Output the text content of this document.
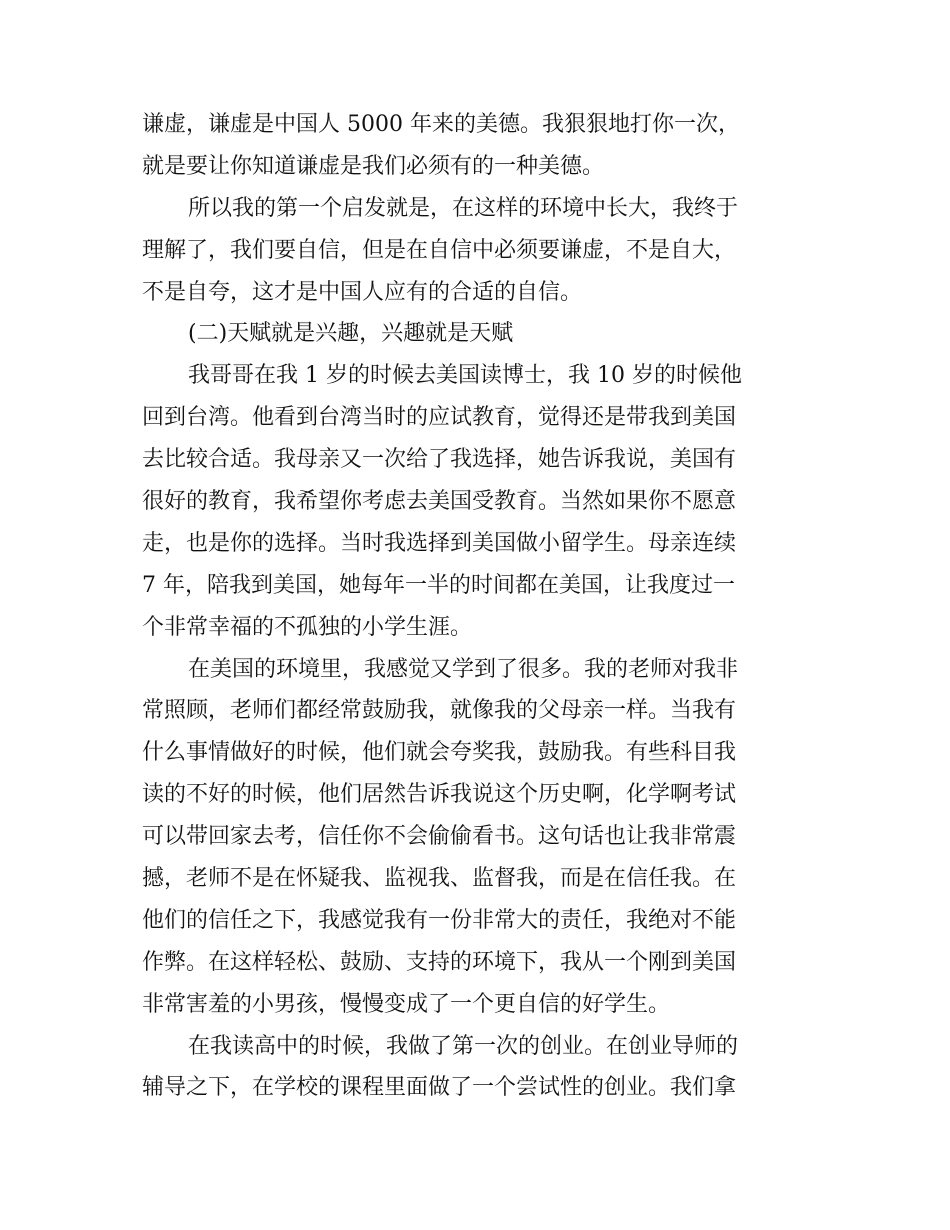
谦虚，谦虚是中国人 5000 年来的美德。我狠狠地打你一次，
就是要让你知道谦虚是我们必须有的一种美德。
所以我的第一个启发就是，在这样的环境中长大，我终于
理解了，我们要自信，但是在自信中必须要谦虚，不是自大，
不是自夸，这才是中国人应有的合适的自信。
(二)天赋就是兴趣，兴趣就是天赋
我哥哥在我 1 岁的时候去美国读博士，我 10 岁的时候他
回到台湾。他看到台湾当时的应试教育，觉得还是带我到美国
去比较合适。我母亲又一次给了我选择，她告诉我说，美国有
很好的教育，我希望你考虑去美国受教育。当然如果你不愿意
走，也是你的选择。当时我选择到美国做小留学生。母亲连续
7 年，陪我到美国，她每年一半的时间都在美国，让我度过一
个非常幸福的不孤独的小学生涯。
在美国的环境里，我感觉又学到了很多。我的老师对我非
常照顾，老师们都经常鼓励我，就像我的父母亲一样。当我有
什么事情做好的时候，他们就会夸奖我，鼓励我。有些科目我
读的不好的时候，他们居然告诉我说这个历史啊，化学啊考试
可以带回家去考，信任你不会偷偷看书。这句话也让我非常震
撼，老师不是在怀疑我、监视我、监督我，而是在信任我。在
他们的信任之下，我感觉我有一份非常大的责任，我绝对不能
作弊。在这样轻松、鼓励、支持的环境下，我从一个刚到美国
非常害羞的小男孩，慢慢变成了一个更自信的好学生。
在我读高中的时候，我做了第一次的创业。在创业导师的
辅导之下，在学校的课程里面做了一个尝试性的创业。我们拿
